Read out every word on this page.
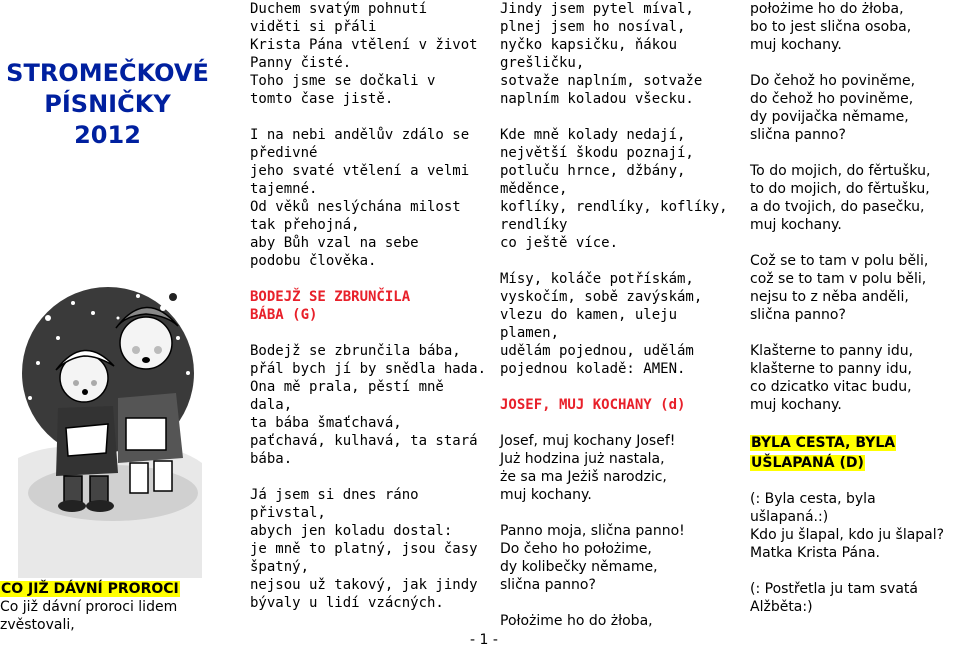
STROMEČKOVÉ
PÍSNIČKY
2012
CO JIŽ DÁVNÍ PROROCI
Co již dávní proroci lidem
zvěstovali,
Duchem svatým pohnutí
viděti si přáli
Krista Pána vtělení v život
Panny čisté.
Toho jsme se dočkali v
tomto čase jistě.
I na nebi andělův zdálo se
předivné
jeho svaté vtělení a velmi
tajemné.
Od věků neslýchána milost
tak přehojná,
aby Bůh vzal na sebe
podobu člověka.
BODEJŽ SE ZBRUNČILA
BÁBA (G)
Bodejž se zbrunčila bába,
přál bych jí by snědla hada.
Ona mě prala, pěstí mně
dala,
ta bába šmaťchavá,
paťchavá, kulhavá, ta stará
bába.
Já jsem si dnes ráno
přivstal,
abych jen koladu dostal:
je mně to platný, jsou časy
špatný,
nejsou už takový, jak jindy
bývaly u lidí vzácných.
Jindy jsem pytel míval,
plnej jsem ho nosíval,
nyčko kapsičku, ňákou
grešličku,
sotvaže naplním, sotvaže
naplním koladou všecku.
Kde mně kolady nedají,
největší škodu poznají,
potluču hrnce, džbány,
měděnce,
koflíky, rendlíky, koflíky,
rendlíky
co ještě více.
Mísy, koláče potřískám,
vyskočím, sobě zavýskám,
vlezu do kamen, uleju
plamen,
udělám pojednou, udělám
pojednou koladě: AMEN.
JOSEF, MUJ KOCHANY (d)
Josef, muj kochany Josef!
Już hodzina już nastala,
że sa ma Jeżiš narodzic,
muj kochany.
Panno moja, slična panno!
Do čeho ho położime,
dy kolibečky němame,
slična panno?
Położime ho do żłoba,
położime ho do żłoba,
bo to jest slična osoba,
muj kochany.
Do čehož ho poviněme,
do čehož ho poviněme,
dy povijačka němame,
slična panno?
To do mojich, do fěrtušku,
to do mojich, do fěrtušku,
a do tvojich, do pasečku,
muj kochany.
Což se to tam v polu běli,
což se to tam v polu běli,
nejsu to z něba anděli,
slična panno?
Klašterne to panny idu,
klašterne to panny idu,
co dzicatko vitac budu,
muj kochany.
BYLA CESTA, BYLA
UŠLAPANÁ (D)
(: Byla cesta, byla
ušlapaná.:)
Kdo ju šlapal, kdo ju šlapal?
Matka Krista Pána.
(: Postřetla ju tam svatá
Alžběta:)
- 1 -
